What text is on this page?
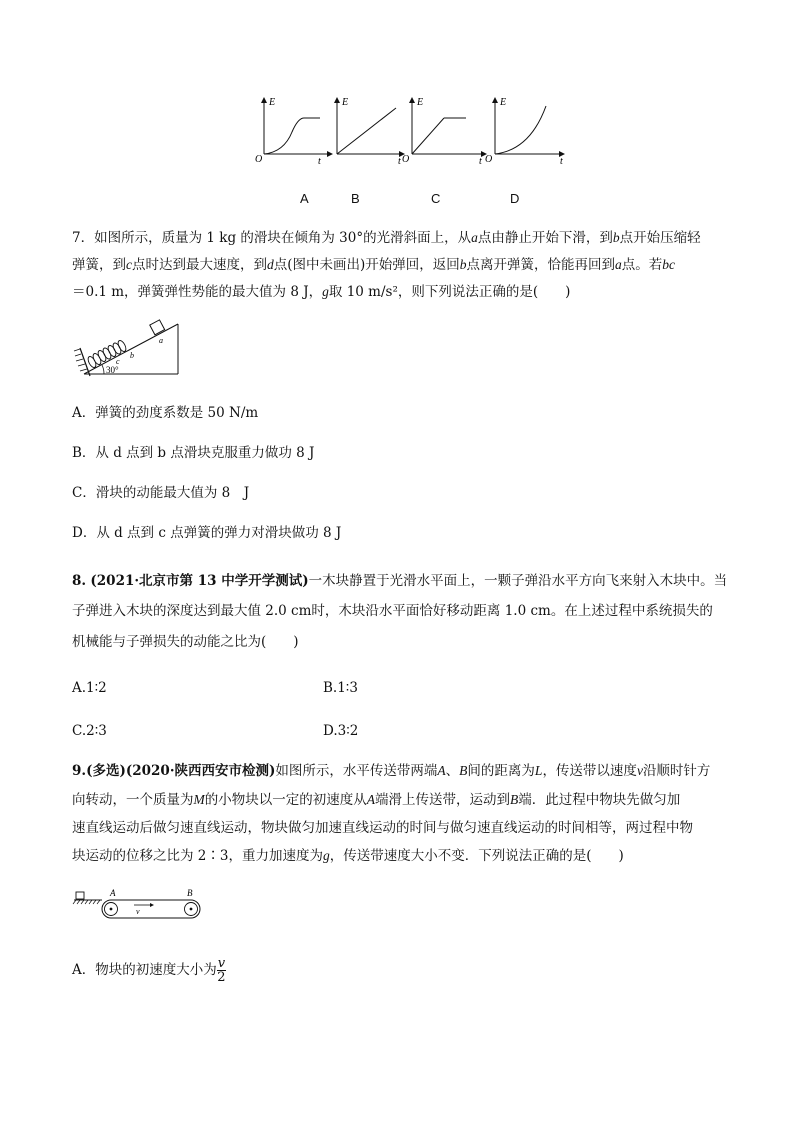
E
O	t
E
t
E
O	t
E
O	t
A	B	C	D
7．如图所示，质量为 1 kg 的滑块在倾角为 30°的光滑斜面上，从a点由静止开始下滑，到b点开始压缩轻
弹簧，到c点时达到最大速度，到d点(图中未画出)开始弹回，返回b点离开弹簧，恰能再回到a点。若bc
＝0.1 m，弹簧弹性势能的最大值为 8 J，g取 10 m/s²，则下列说法正确的是(　　)
30°
a
b
c
A．弹簧的劲度系数是 50 N/m
B．从 d 点到 b 点滑块克服重力做功 8 J
C．滑块的动能最大值为 8　J
D．从 d 点到 c 点弹簧的弹力对滑块做功 8 J
8. (2021·北京市第 13 中学开学测试)一木块静置于光滑水平面上，一颗子弹沿水平方向飞来射入木块中。当
子弹进入木块的深度达到最大值 2.0 cm时，木块沿水平面恰好移动距离 1.0 cm。在上述过程中系统损失的
机械能与子弹损失的动能之比为(　　)
A.1∶2	B.1∶3
C.2∶3	D.3∶2
9.(多选)(2020·陕西西安市检测)如图所示，水平传送带两端A、B间的距离为L，传送带以速度v沿顺时针方
向转动，一个质量为M的小物块以一定的初速度从A端滑上传送带，运动到B端．此过程中物块先做匀加
速直线运动后做匀速直线运动，物块做匀加速直线运动的时间与做匀速直线运动的时间相等，两过程中物
块运动的位移之比为 2∶3，重力加速度为g，传送带速度大小不变．下列说法正确的是(　　)
v
A	B
A．物块的初速度大小为 $\frac{v}{2}$
